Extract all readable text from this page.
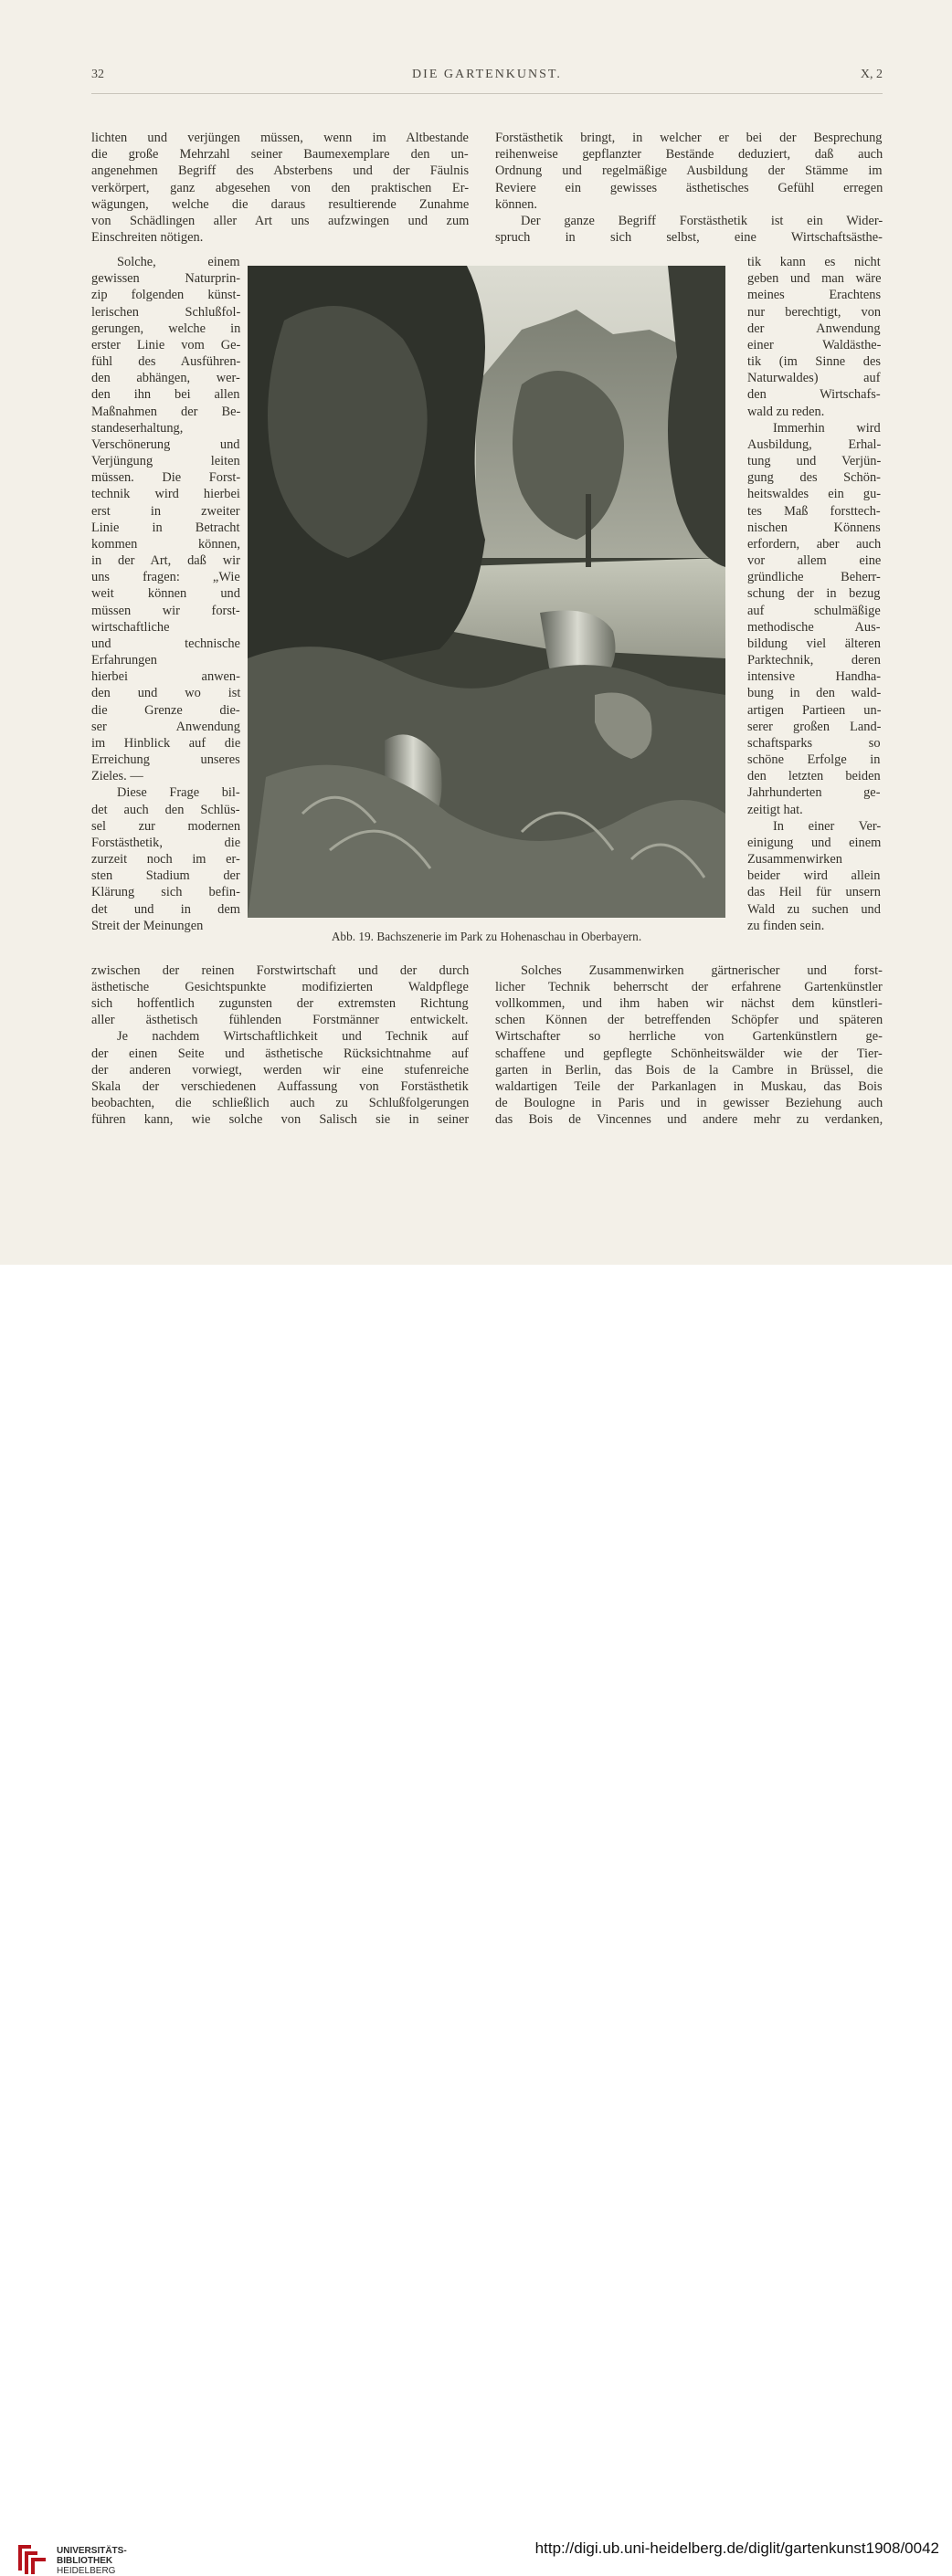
32	DIE GARTENKUNST.	X, 2
lichten und verjüngen müssen, wenn im Altbestande
die große Mehrzahl seiner Baumexemplare den un-
angenehmen Begriff des Absterbens und der Fäulnis
verkörpert, ganz abgesehen von den praktischen Er-
wägungen, welche die daraus resultierende Zunahme
von Schädlingen aller Art uns aufzwingen und zum
Einschreiten nötigen.
Solche, einem
gewissen Naturprin-
zip folgenden künst-
lerischen Schlußfol-
gerungen, welche in
erster Linie vom Ge-
fühl des Ausführen-
den abhängen, wer-
den ihn bei allen
Maßnahmen der Be-
standeserhaltung,
Verschönerung und
Verjüngung leiten
müssen. Die Forst-
technik wird hierbei
erst in zweiter
Linie in Betracht
kommen können,
in der Art, daß wir
uns fragen: „Wie
weit können und
müssen wir forst-
wirtschaftliche
und technische
Erfahrungen
hierbei anwen-
den und wo ist
die Grenze die-
ser Anwendung
im Hinblick auf die
Erreichung unseres
Zieles. —
Diese Frage bil-
det auch den Schlüs-
sel zur modernen
Forstästhetik, die
zurzeit noch im er-
sten Stadium der
Klärung sich befin-
det und in dem
Streit der Meinungen
zwischen der reinen Forstwirtschaft und der durch
ästhetische Gesichtspunkte modifizierten Waldpflege
sich hoffentlich zugunsten der extremsten Richtung
aller ästhetisch fühlenden Forstmänner entwickelt.
Je nachdem Wirtschaftlichkeit und Technik auf
der einen Seite und ästhetische Rücksichtnahme auf
der anderen vorwiegt, werden wir eine stufenreiche
Skala der verschiedenen Auffassung von Forstästhetik
beobachten, die schließlich auch zu Schlußfolgerungen
führen kann, wie solche von Salisch sie in seiner
Forstästhetik bringt, in welcher er bei der Besprechung
reihenweise gepflanzter Bestände deduziert, daß auch
Ordnung und regelmäßige Ausbildung der Stämme im
Reviere ein gewisses ästhetisches Gefühl erregen
können.
Der ganze Begriff Forstästhetik ist ein Wider-
spruch in sich selbst, eine Wirtschaftsästhe-
tik kann es nicht
geben und man wäre
meines Erachtens
nur berechtigt, von
der Anwendung
einer Waldästhe-
tik (im Sinne des
Naturwaldes) auf
den Wirtschafs-
wald zu reden.
Immerhin wird
Ausbildung, Erhal-
tung und Verjün-
gung des Schön-
heitswaldes ein gu-
tes Maß forsttech-
nischen Könnens
erfordern, aber auch
vor allem eine
gründliche Beherr-
schung der in bezug
auf schulmäßige
methodische Aus-
bildung viel älteren
Parktechnik, deren
intensive Handha-
bung in den wald-
artigen Partieen un-
serer großen Land-
schaftsparks so
schöne Erfolge in
den letzten beiden
Jahrhunderten ge-
zeitigt hat.
In einer Ver-
einigung und einem
Zusammenwirken
beider wird allein
das Heil für unsern
Wald zu suchen und
zu finden sein.
Solches Zusammenwirken gärtnerischer und forst-
licher Technik beherrscht der erfahrene Gartenkünstler
vollkommen, und ihm haben wir nächst dem künstleri-
schen Können der betreffenden Schöpfer und späteren
Wirtschafter so herrliche von Gartenkünstlern ge-
schaffene und gepflegte Schönheitswälder wie der Tier-
garten in Berlin, das Bois de la Cambre in Brüssel, die
waldartigen Teile der Parkanlagen in Muskau, das Bois
de Boulogne in Paris und in gewisser Beziehung auch
das Bois de Vincennes und andere mehr zu verdanken,
Abb. 19. Bachszenerie im Park zu Hohenaschau in Oberbayern.
UNIVERSITÄTS-
BIBLIOTHEK
HEIDELBERG
http://digi.ub.uni-heidelberg.de/diglit/gartenkunst1908/0042
